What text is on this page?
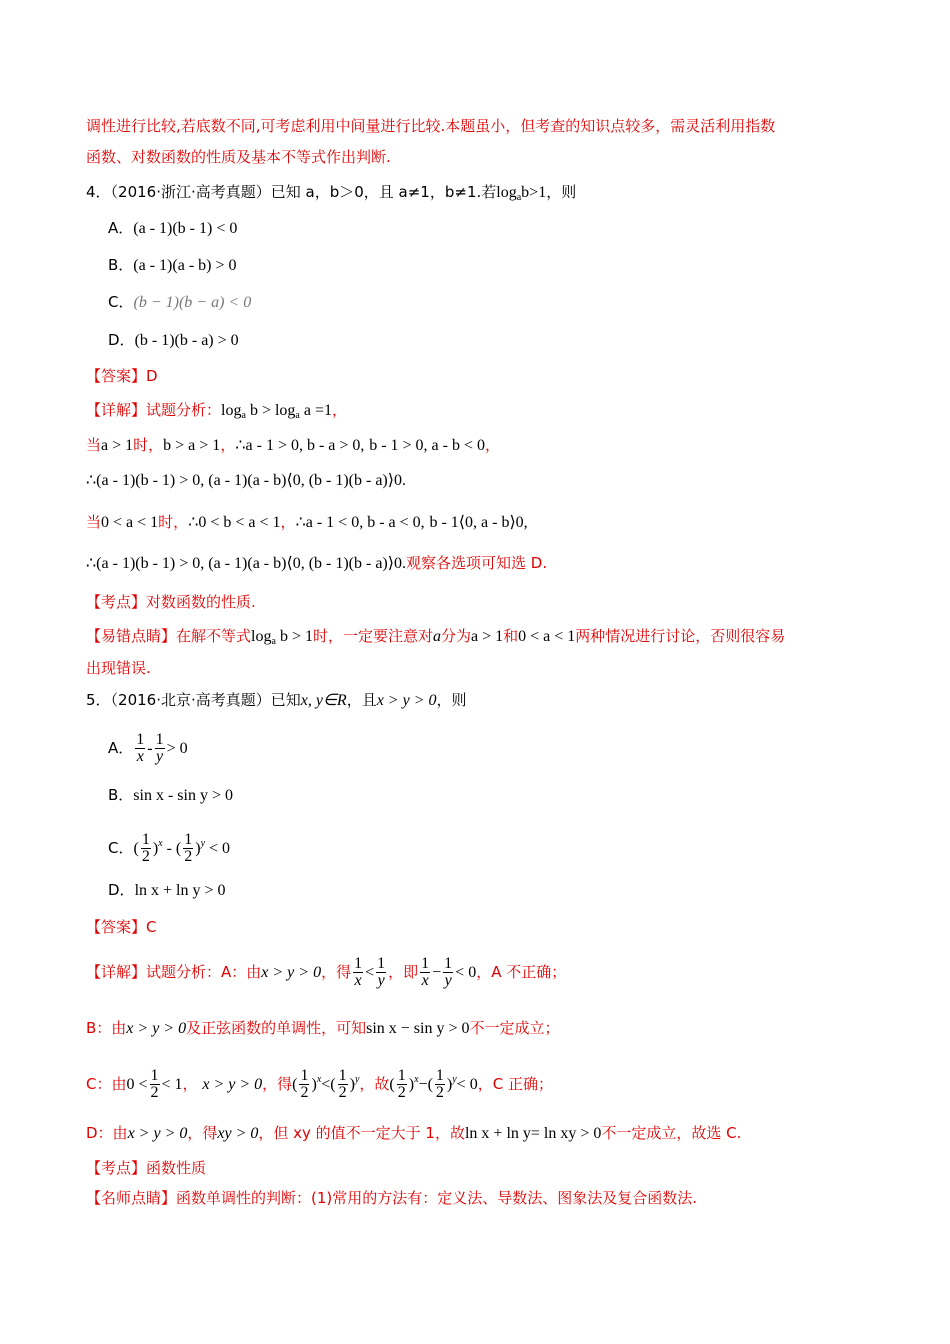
调性进行比较,若底数不同,可考虑利用中间量进行比较.本题虽小，但考查的知识点较多，需灵活利用指数
函数、对数函数的性质及基本不等式作出判断.
4．（2016·浙江·高考真题）已知 a，b＞0，且 a≠1，b≠1.若$\log_ab>1$，则
A．(a - 1)(b - 1) < 0
B．(a - 1)(a - b) > 0
C．(b − 1)(b − a) < 0
D．(b - 1)(b - a) > 0
【答案】D
【详解】试题分析：$\log_a b > \log_a a =1$，
当a > 1时，b > a > 1，∴a - 1 > 0, b - a > 0, b - 1 > 0, a - b < 0，
∴(a - 1)(b - 1) > 0, (a - 1)(a - b)⟨0, (b - 1)(b - a)⟩0.
当0 < a < 1时，∴0 < b < a < 1，∴a - 1 < 0, b - a < 0, b - 1⟨0, a - b⟩0,
∴(a - 1)(b - 1) > 0, (a - 1)(a - b)⟨0, (b - 1)(b - a)⟩0.观察各选项可知选 D.
【考点】对数函数的性质.
【易错点睛】在解不等式$\log_a b > 1$时，一定要注意对a分为a > 1和0 < a < 1两种情况进行讨论，否则很容易
出现错误.
5．（2016·北京·高考真题）已知x, y∈R，且x > y > 0，则
A． $\frac{1}{x} - \frac{1}{y} > 0$
B．sin x - sin y > 0
C．( $\frac{1}{2} )^x$ - ( $\frac{1}{2} )^y < 0$
D．ln x + ln y > 0
【答案】C
【详解】试题分析：A：由x > y > 0，得 $\frac{1}{x} < \frac{1}{y}$ ，即 $\frac{1}{x} - \frac{1}{y} < 0$，A 不正确；
B：由x > y > 0及正弦函数的单调性，可知sin x − sin y > 0不一定成立；
C：由$0 < \frac{1}{2} < 1$， x > y > 0，得( $\frac{1}{2} )^x<( \frac{1}{2} )^y$，故( $\frac{1}{2} )^x-( \frac{1}{2} )^y< 0$，C 正确；
D：由x > y > 0，得xy > 0，但 xy 的值不一定大于 1，故ln x + ln y= ln xy > 0不一定成立，故选 C.
【考点】函数性质
【名师点睛】函数单调性的判断：(1)常用的方法有：定义法、导数法、图象法及复合函数法.
